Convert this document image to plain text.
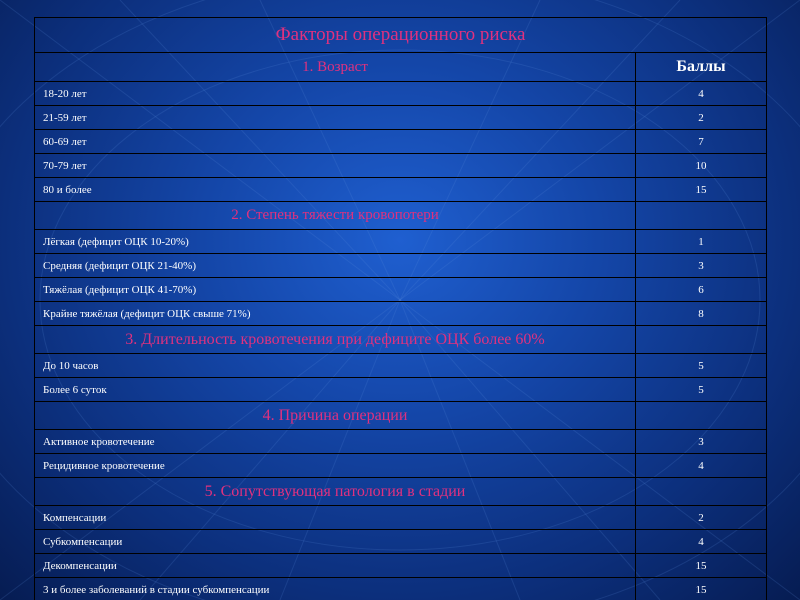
Факторы операционного риска	
1. Возраст	Баллы
18-20 лет	4
21-59 лет	2
60-69 лет	7
70-79 лет	10
80 и более	15
2. Степень тяжести кровопотери	
Лёгкая (дефицит ОЦК 10-20%)	1
Средняя (дефицит ОЦК 21-40%)	3
Тяжёлая (дефицит ОЦК 41-70%)	6
Крайне тяжёлая (дефицит ОЦК свыше 71%)	8
3. Длительность кровотечения при дефиците ОЦК более 60%	
До 10 часов	5
Более 6 суток	5
4. Причина операции	
Активное кровотечение	3
Рецидивное кровотечение	4
5. Сопутствующая патология в стадии	
Компенсации	2
Субкомпенсации	4
Декомпенсации	15
3 и более заболеваний в стадии субкомпенсации	15
